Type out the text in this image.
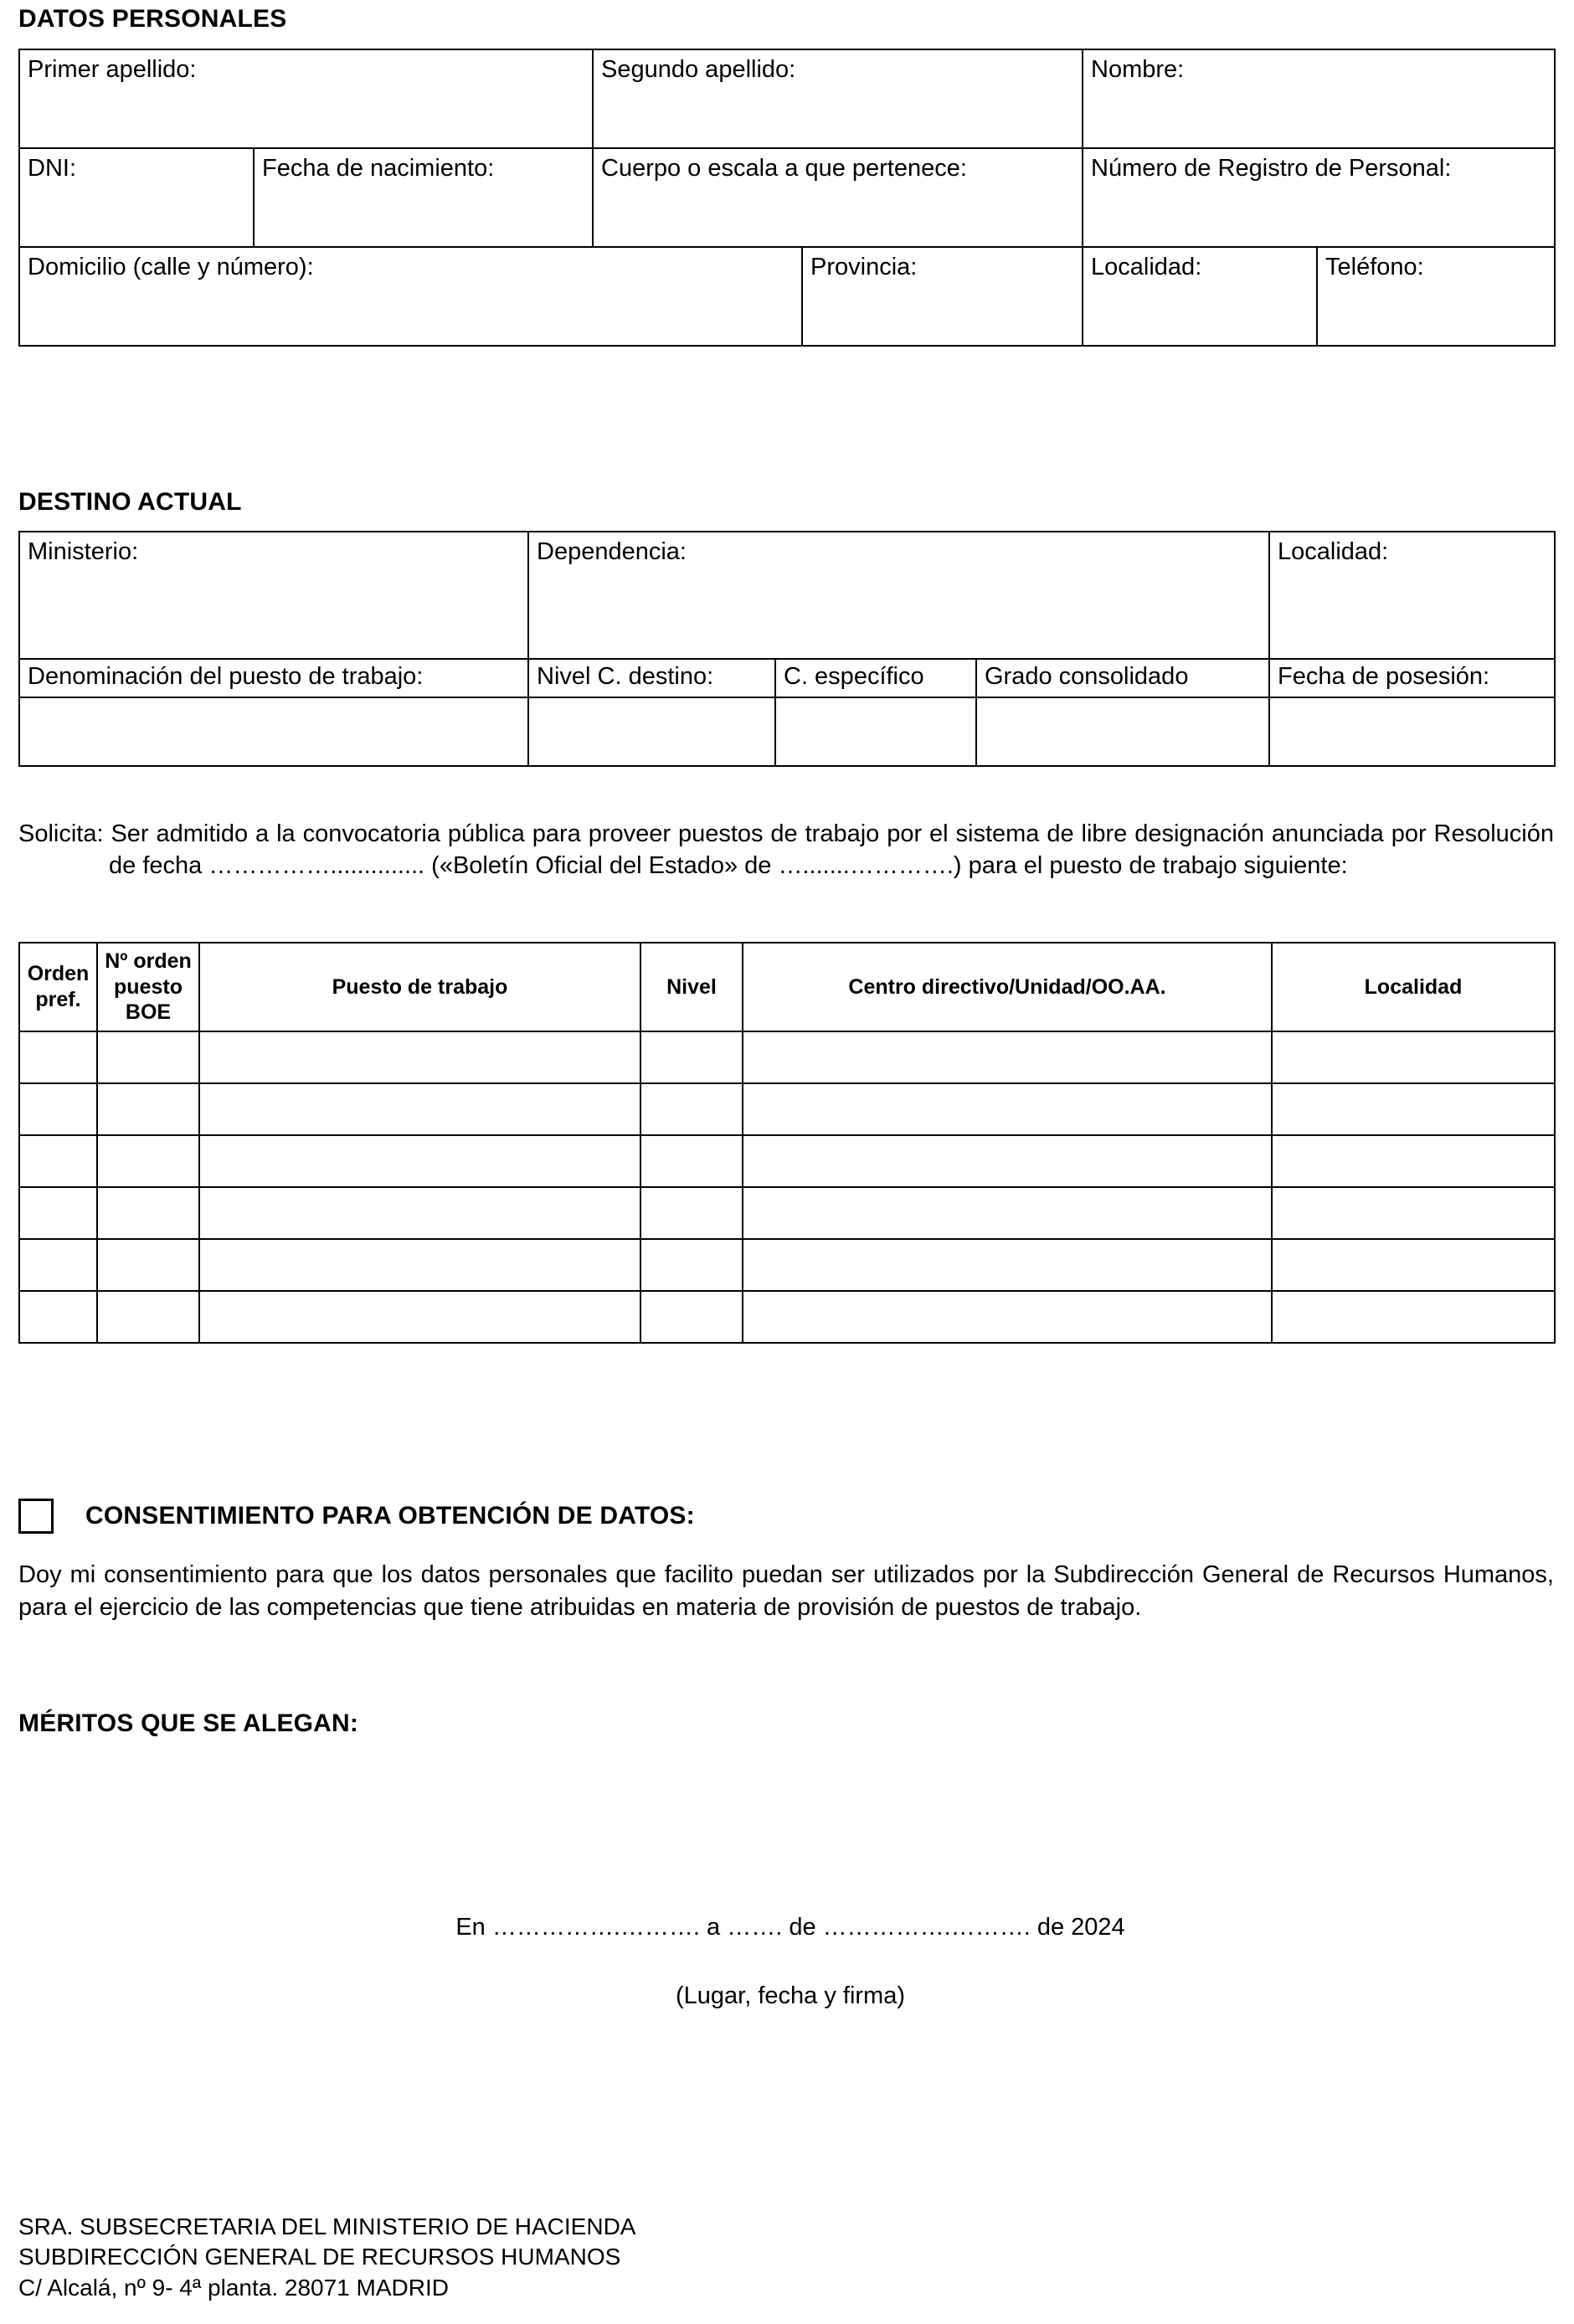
DATOS PERSONALES
Primer apellido:		Segundo apellido:		Nombre:	
DNI:	Fecha de nacimiento:	Cuerpo o escala a que pertenece:		Número de Registro de Personal:	
Domicilio (calle y número):			Provincia:	Localidad:	Teléfono:
DESTINO ACTUAL
Ministerio:	Dependencia:			Localidad:
Denominación del puesto de trabajo:	Nivel C. destino:	C. específico	Grado consolidado	Fecha de posesión:

Solicita: Ser admitido a la convocatoria pública para proveer puestos de trabajo por el sistema de libre designación anunciada por Resolución de fecha …………….............. («Boletín Oficial del Estado» de ….......………….) para el puesto de trabajo siguiente:

Orden pref.	Nº orden puesto BOE	Puesto de trabajo	Nivel	Centro directivo/Unidad/OO.AA.	Localidad

CONSENTIMIENTO PARA OBTENCIÓN DE DATOS:

Doy mi consentimiento para que los datos personales que facilito puedan ser utilizados por la Subdirección General de Recursos Humanos, para el ejercicio de las competencias que tiene atribuidas en materia de provisión de puestos de trabajo.

MÉRITOS QUE SE ALEGAN:
En …………….………. a ……. de …………….………. de 2024
(Lugar, fecha y firma)
SRA. SUBSECRETARIA DEL MINISTERIO DE HACIENDA
SUBDIRECCIÓN GENERAL DE RECURSOS HUMANOS
C/ Alcalá, nº 9- 4ª planta. 28071 MADRID
